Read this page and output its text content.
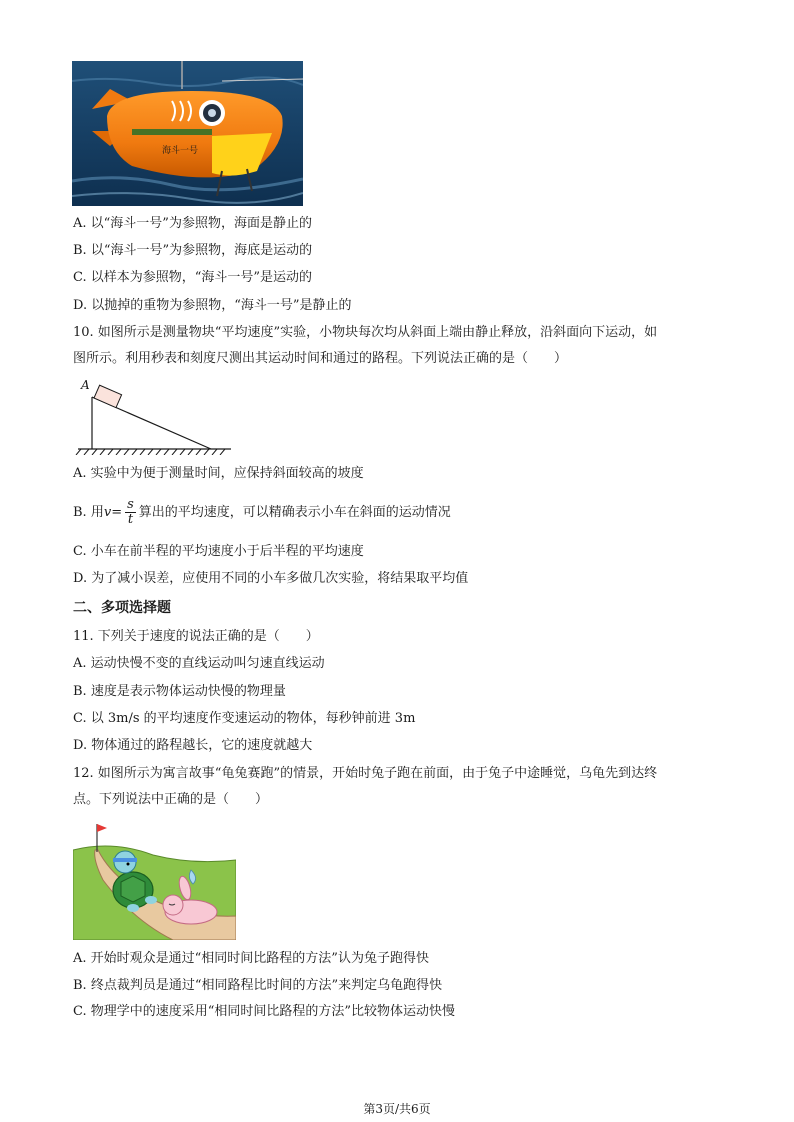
海斗一号
A. 以“海斗一号”为参照物，海面是静止的
B. 以“海斗一号”为参照物，海底是运动的
C. 以样本为参照物，“海斗一号”是运动的
D. 以抛掉的重物为参照物，“海斗一号”是静止的
10. 如图所示是测量物块“平均速度”实验，小物块每次均从斜面上端由静止释放，沿斜面向下运动，如
图所示。利用秒表和刻度尺测出其运动时间和通过的路程。下列说法正确的是（　　）
A
A. 实验中为便于测量时间，应保持斜面较高的坡度
B. 用$v= \frac{s}{t}$ 算出的平均速度，可以精确表示小车在斜面的运动情况
C. 小车在前半程的平均速度小于后半程的平均速度
D. 为了减小误差，应使用不同的小车多做几次实验，将结果取平均值
二、多项选择题
11. 下列关于速度的说法正确的是（　　）
A. 运动快慢不变的直线运动叫匀速直线运动
B. 速度是表示物体运动快慢的物理量
C. 以 3m/s 的平均速度作变速运动的物体，每秒钟前进 3m
D. 物体通过的路程越长，它的速度就越大
12. 如图所示为寓言故事“龟兔赛跑”的情景，开始时兔子跑在前面，由于兔子中途睡觉，乌龟先到达终
点。下列说法中正确的是（　　）
A. 开始时观众是通过“相同时间比路程的方法”认为兔子跑得快
B. 终点裁判员是通过“相同路程比时间的方法”来判定乌龟跑得快
C. 物理学中的速度采用“相同时间比路程的方法”比较物体运动快慢
第3页/共6页
